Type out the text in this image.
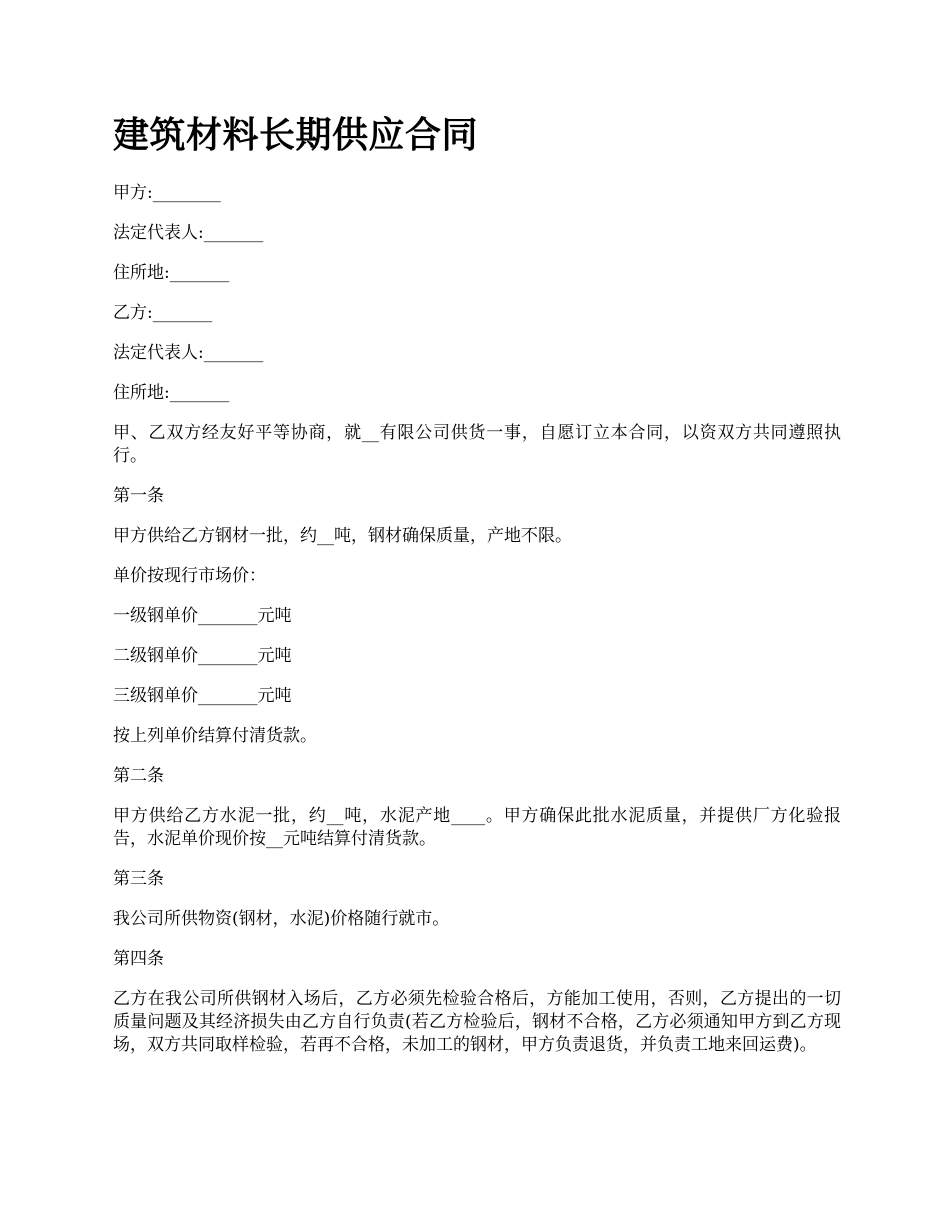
建筑材料长期供应合同

甲方:________

法定代表人:_______

住所地:_______

乙方:_______

法定代表人:_______

住所地:_______

甲、乙双方经友好平等协商，就__有限公司供货一事，自愿订立本合同，以资双方共同遵照执行。

第一条

甲方供给乙方钢材一批，约__吨，钢材确保质量，产地不限。

单价按现行市场价：

一级钢单价_______元吨

二级钢单价_______元吨

三级钢单价_______元吨

按上列单价结算付清货款。

第二条

甲方供给乙方水泥一批，约__吨，水泥产地____。甲方确保此批水泥质量，并提供厂方化验报告，水泥单价现价按__元吨结算付清货款。

第三条

我公司所供物资(钢材，水泥)价格随行就市。

第四条

乙方在我公司所供钢材入场后，乙方必须先检验合格后，方能加工使用，否则，乙方提出的一切质量问题及其经济损失由乙方自行负责(若乙方检验后，钢材不合格，乙方必须通知甲方到乙方现场，双方共同取样检验，若再不合格，未加工的钢材，甲方负责退货，并负责工地来回运费)。
